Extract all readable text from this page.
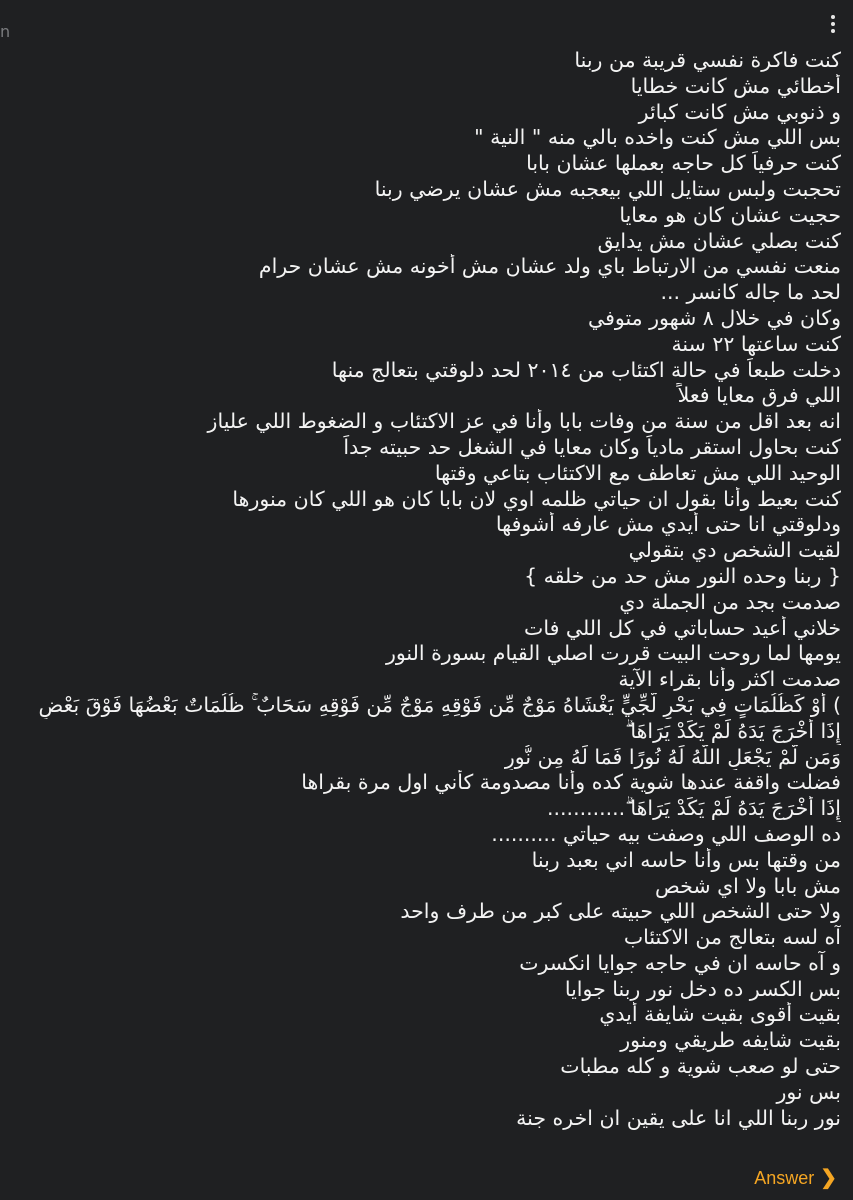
n
كنت فاكرة نفسي قريبة من ربنا
أخطائي مش كانت خطايا
و ذنوبي مش كانت كبائر
بس اللي مش كنت واخده بالي منه " النية "
كنت حرفياً كل حاجه بعملها عشان بابا
تحجبت ولبس ستايل اللي بيعجبه مش عشان يرضي ربنا
حجيت عشان كان هو معايا
كنت بصلي عشان مش يدايق
منعت نفسي من الارتباط باي ولد عشان مش أخونه مش عشان حرام
لحد ما جاله كانسر ...
وكان في خلال ٨ شهور متوفي
كنت ساعتها ٢٢ سنة
دخلت طبعاً في حالة اكتئاب من ٢٠١٤ لحد دلوقتي بتعالج منها
اللي فرق معايا فعلاً
انه بعد اقل من سنة من وفات بابا وأنا في عز الاكتئاب و الضغوط اللي علياز
كنت بحاول استقر مادياً وكان معايا في الشغل حد حبيته جداً
الوحيد اللي مش تعاطف مع الاكتئاب بتاعي وقتها
كنت بعيط وأنا بقول ان حياتي ظلمه اوي لان بابا كان هو اللي كان منورها
ودلوقتي انا حتى أيدي مش عارفه أشوفها
لقيت الشخص دي بتقولي
{ ربنا وحده النور مش حد من خلقه }
صدمت بجد من الجملة دي
خلاني أعيد حساباتي في كل اللي فات
يومها لما روحت البيت قررت اصلي القيام بسورة النور
صدمت اكثر وأنا بقراء الآية
) أَوْ كَظُلُمَاتٍ فِي بَحْرٍ لُّجِّيٍّ يَغْشَاهُ مَوْجٌ مِّن فَوْقِهِ مَوْجٌ مِّن فَوْقِهِ سَحَابٌ ۚ ظُلُمَاتٌ بَعْضُهَا فَوْقَ بَعْضٍ
إِذَا أَخْرَجَ يَدَهُ لَمْ يَكَدْ يَرَاهَا ۗ
وَمَن لَّمْ يَجْعَلِ اللَّهُ لَهُ نُورًا فَمَا لَهُ مِن نُّورٍ
فضلت واقفة عندها شوية كده وأنا مصدومة كأني اول مرة بقراها
إِذَا أَخْرَجَ يَدَهُ لَمْ يَكَدْ يَرَاهَا ۗ............
ده الوصف اللي وصفت بيه حياتي ..........
من وقتها بس وأنا حاسه اني بعبد ربنا
مش بابا ولا اي شخص
ولا حتى الشخص اللي حبيته على كبر من طرف واحد
آه لسه بتعالج من الاكتئاب
و آه حاسه ان في حاجه جوايا انكسرت
بس الكسر ده دخل نور ربنا جوايا
بقيت أقوى بقيت شايفة أيدي
بقيت شايفه طريقي ومنور
حتى لو صعب شوية و كله مطبات
بس نور
نور ربنا اللي انا على يقين ان اخره جنة
Answer ❯
